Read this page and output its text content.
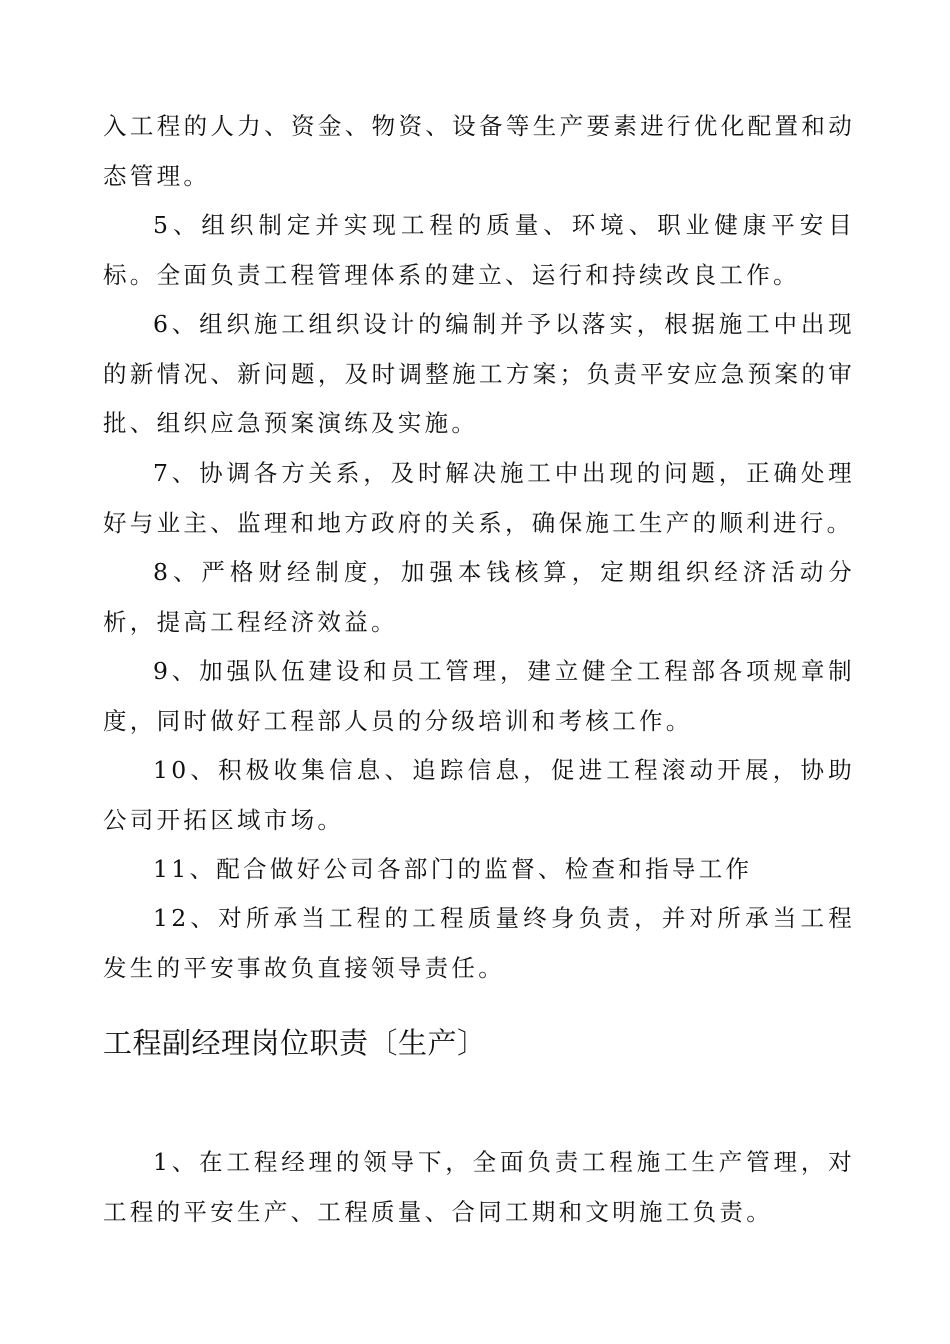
入工程的人力、资金、物资、设备等生产要素进行优化配置和动态管理。

5、组织制定并实现工程的质量、环境、职业健康平安目标。全面负责工程管理体系的建立、运行和持续改良工作。

6、组织施工组织设计的编制并予以落实，根据施工中出现的新情况、新问题，及时调整施工方案；负责平安应急预案的审批、组织应急预案演练及实施。

7、协调各方关系，及时解决施工中出现的问题，正确处理好与业主、监理和地方政府的关系，确保施工生产的顺利进行。

8、严格财经制度，加强本钱核算，定期组织经济活动分析，提高工程经济效益。

9、加强队伍建设和员工管理，建立健全工程部各项规章制度，同时做好工程部人员的分级培训和考核工作。

10、积极收集信息、追踪信息，促进工程滚动开展，协助公司开拓区域市场。

11、配合做好公司各部门的监督、检查和指导工作

12、对所承当工程的工程质量终身负责，并对所承当工程发生的平安事故负直接领导责任。

工程副经理岗位职责〔生产〕

1、在工程经理的领导下，全面负责工程施工生产管理，对工程的平安生产、工程质量、合同工期和文明施工负责。
